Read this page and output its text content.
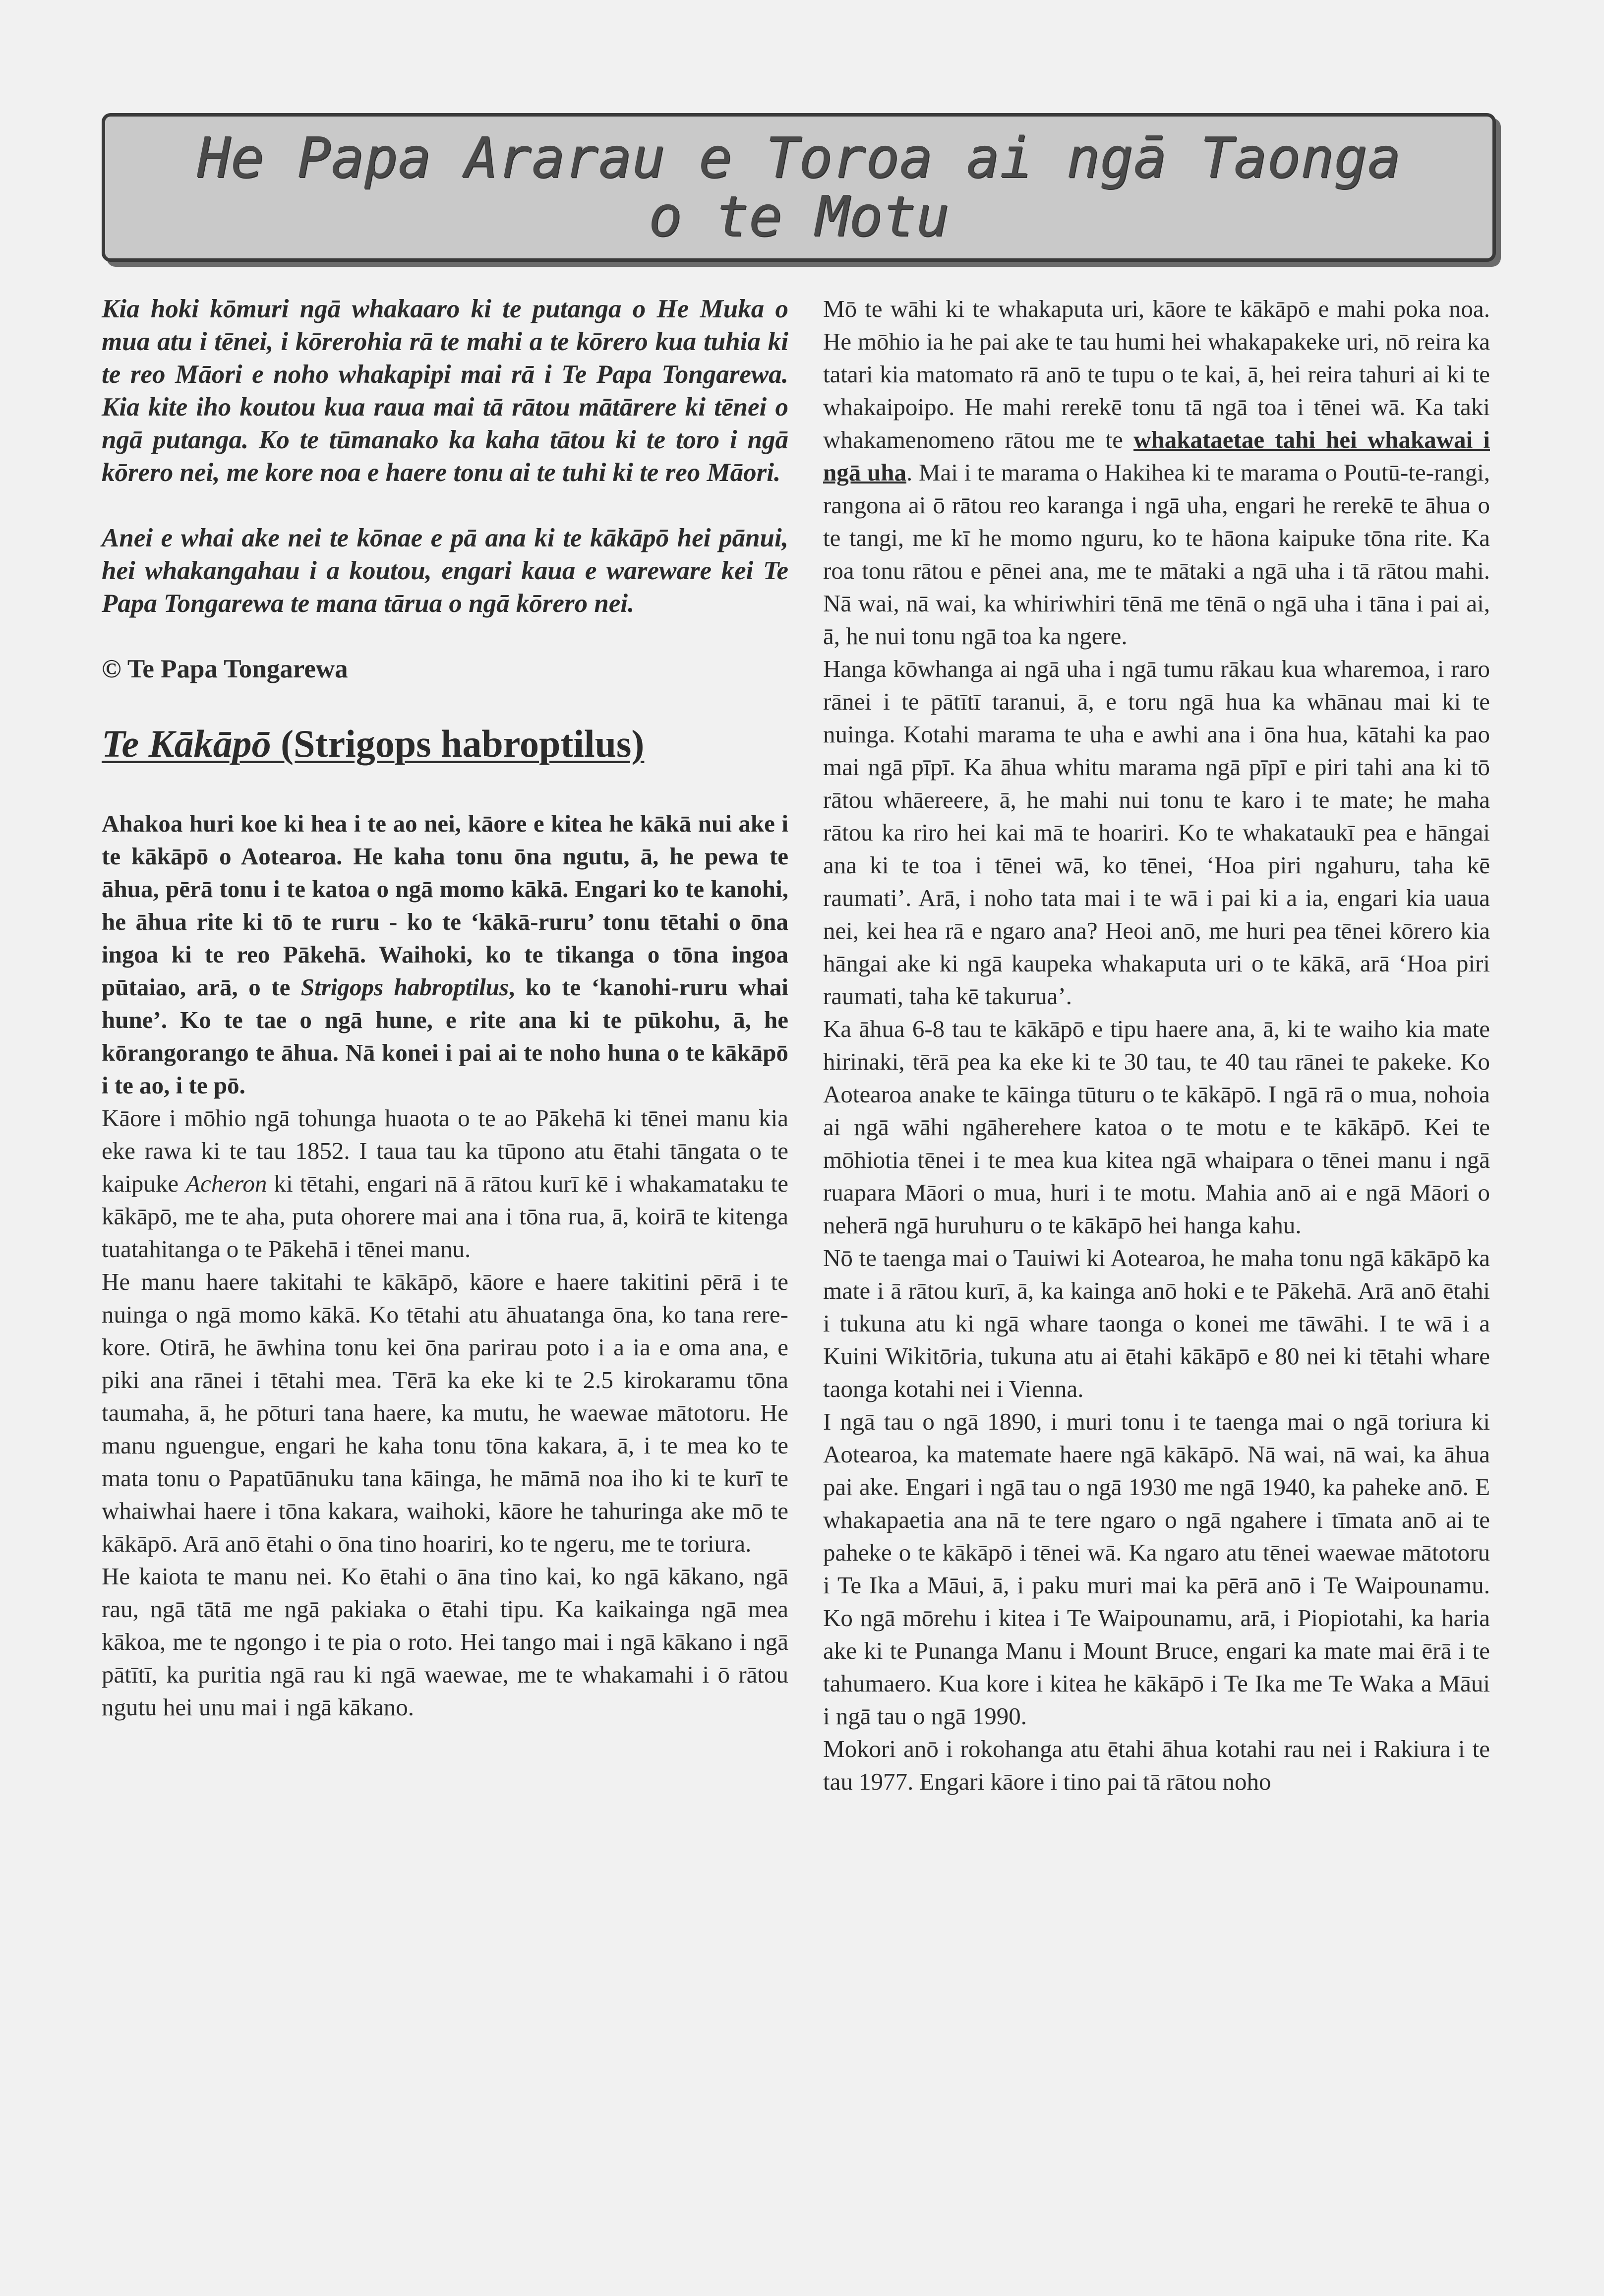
He Papa Ararau e Toroa ai ngā Taonga
o te Motu

Kia hoki kōmuri ngā whakaaro ki te putanga o He Muka o mua atu i tēnei, i kōrerohia rā te mahi a te kōrero kua tuhia ki te reo Māori e noho whakapipi mai rā i Te Papa Tongarewa. Kia kite iho koutou kua raua mai tā rātou mātārere ki tēnei o ngā putanga. Ko te tūmanako ka kaha tātou ki te toro i ngā kōrero nei, me kore noa e haere tonu ai te tuhi ki te reo Māori.

Anei e whai ake nei te kōnae e pā ana ki te kākāpō hei pānui, hei whakangahau i a koutou, engari kaua e wareware kei Te Papa Tongarewa te mana tārua o ngā kōrero nei.

© Te Papa Tongarewa

Te Kākāpō (Strigops habroptilus)

Ahakoa huri koe ki hea i te ao nei, kāore e kitea he kākā nui ake i te kākāpō o Aotearoa. He kaha tonu ōna ngutu, ā, he pewa te āhua, pērā tonu i te katoa o ngā momo kākā. Engari ko te kanohi, he āhua rite ki tō te ruru - ko te ‘kākā-ruru’ tonu tētahi o ōna ingoa ki te reo Pākehā. Waihoki, ko te tikanga o tōna ingoa pūtaiao, arā, o te Strigops habroptilus, ko te ‘kanohi-ruru whai hune’. Ko te tae o ngā hune, e rite ana ki te pūkohu, ā, he kōrangorango te āhua. Nā konei i pai ai te noho huna o te kākāpō i te ao, i te pō.

Kāore i mōhio ngā tohunga huaota o te ao Pākehā ki tēnei manu kia eke rawa ki te tau 1852. I taua tau ka tūpono atu ētahi tāngata o te kaipuke Acheron ki tētahi, engari nā ā rātou kurī kē i whakamataku te kākāpō, me te aha, puta ohorere mai ana i tōna rua, ā, koirā te kitenga tuatahitanga o te Pākehā i tēnei manu.

He manu haere takitahi te kākāpō, kāore e haere takitini pērā i te nuinga o ngā momo kākā. Ko tētahi atu āhuatanga ōna, ko tana rere-kore. Otirā, he āwhina tonu kei ōna parirau poto i a ia e oma ana, e piki ana rānei i tētahi mea. Tērā ka eke ki te 2.5 kirokaramu tōna taumaha, ā, he pōturi tana haere, ka mutu, he waewae mātotoru. He manu nguengue, engari he kaha tonu tōna kakara, ā, i te mea ko te mata tonu o Papatūānuku tana kāinga, he māmā noa iho ki te kurī te whaiwhai haere i tōna kakara, waihoki, kāore he tahuringa ake mō te kākāpō. Arā anō ētahi o ōna tino hoariri, ko te ngeru, me te toriura.

He kaiota te manu nei. Ko ētahi o āna tino kai, ko ngā kākano, ngā rau, ngā tātā me ngā pakiaka o ētahi tipu. Ka kaikainga ngā mea kākoa, me te ngongo i te pia o roto. Hei tango mai i ngā kākano i ngā pātītī, ka puritia ngā rau ki ngā waewae, me te whakamahi i ō rātou ngutu hei unu mai i ngā kākano.

Mō te wāhi ki te whakaputa uri, kāore te kākāpō e mahi poka noa. He mōhio ia he pai ake te tau humi hei whakapakeke uri, nō reira ka tatari kia matomato rā anō te tupu o te kai, ā, hei reira tahuri ai ki te whakaipoipo. He mahi rerekē tonu tā ngā toa i tēnei wā. Ka taki whakamenomeno rātou me te whakataetae tahi hei whakawai i ngā uha. Mai i te marama o Hakihea ki te marama o Poutū-te-rangi, rangona ai ō rātou reo karanga i ngā uha, engari he rerekē te āhua o te tangi, me kī he momo nguru, ko te hāona kaipuke tōna rite. Ka roa tonu rātou e pēnei ana, me te mātaki a ngā uha i tā rātou mahi. Nā wai, nā wai, ka whiriwhiri tēnā me tēnā o ngā uha i tāna i pai ai, ā, he nui tonu ngā toa ka ngere.

Hanga kōwhanga ai ngā uha i ngā tumu rākau kua wharemoa, i raro rānei i te pātītī taranui, ā, e toru ngā hua ka whānau mai ki te nuinga. Kotahi marama te uha e awhi ana i ōna hua, kātahi ka pao mai ngā pīpī. Ka āhua whitu marama ngā pīpī e piri tahi ana ki tō rātou whāereere, ā, he mahi nui tonu te karo i te mate; he maha rātou ka riro hei kai mā te hoariri. Ko te whakataukī pea e hāngai ana ki te toa i tēnei wā, ko tēnei, ‘Hoa piri ngahuru, taha kē raumati’. Arā, i noho tata mai i te wā i pai ki a ia, engari kia uaua nei, kei hea rā e ngaro ana? Heoi anō, me huri pea tēnei kōrero kia hāngai ake ki ngā kaupeka whakaputa uri o te kākā, arā ‘Hoa piri raumati, taha kē takurua’.

Ka āhua 6-8 tau te kākāpō e tipu haere ana, ā, ki te waiho kia mate hirinaki, tērā pea ka eke ki te 30 tau, te 40 tau rānei te pakeke. Ko Aotearoa anake te kāinga tūturu o te kākāpō. I ngā rā o mua, nohoia ai ngā wāhi ngāherehere katoa o te motu e te kākāpō. Kei te mōhiotia tēnei i te mea kua kitea ngā whaipara o tēnei manu i ngā ruapara Māori o mua, huri i te motu. Mahia anō ai e ngā Māori o neherā ngā huruhuru o te kākāpō hei hanga kahu.

Nō te taenga mai o Tauiwi ki Aotearoa, he maha tonu ngā kākāpō ka mate i ā rātou kurī, ā, ka kainga anō hoki e te Pākehā. Arā anō ētahi i tukuna atu ki ngā whare taonga o konei me tāwāhi. I te wā i a Kuini Wikitōria, tukuna atu ai ētahi kākāpō e 80 nei ki tētahi whare taonga kotahi nei i Vienna.

I ngā tau o ngā 1890, i muri tonu i te taenga mai o ngā toriura ki Aotearoa, ka matemate haere ngā kākāpō. Nā wai, nā wai, ka āhua pai ake. Engari i ngā tau o ngā 1930 me ngā 1940, ka paheke anō. E whakapaetia ana nā te tere ngaro o ngā ngahere i tīmata anō ai te paheke o te kākāpō i tēnei wā. Ka ngaro atu tēnei waewae mātotoru i Te Ika a Māui, ā, i paku muri mai ka pērā anō i Te Waipounamu. Ko ngā mōrehu i kitea i Te Waipounamu, arā, i Piopiotahi, ka haria ake ki te Punanga Manu i Mount Bruce, engari ka mate mai ērā i te tahumaero. Kua kore i kitea he kākāpō i Te Ika me Te Waka a Māui i ngā tau o ngā 1990.

Mokori anō i rokohanga atu ētahi āhua kotahi rau nei i Rakiura i te tau 1977. Engari kāore i tino pai tā rātou noho
